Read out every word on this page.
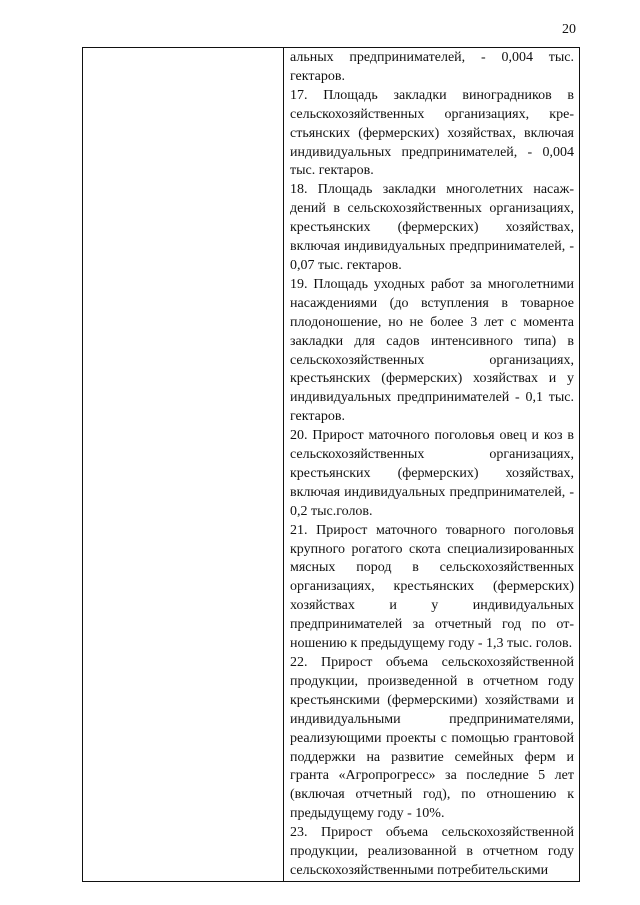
20

альных предпринимателей, - 0,004 тыс. гектаров.

17. Площадь закладки виноградников в сельскохозяйственных организациях, крестьянских (фермерских) хозяйствах, включая индивидуальных предпринимателей, - 0,004 тыс. гектаров.

18. Площадь закладки многолетних насаждений в сельскохозяйственных организациях, крестьянских (фермерских) хозяйствах, включая индивидуальных предпринимателей, - 0,07 тыс. гектаров.

19. Площадь уходных работ за многолетними насаждениями (до вступления в товарное плодоношение, но не более 3 лет с момента закладки для садов интенсивного типа) в сельскохозяйственных организациях, крестьянских (фермерских) хозяйствах и у индивидуальных предпринимателей - 0,1 тыс. гектаров.

20. Прирост маточного поголовья овец и коз в сельскохозяйственных организациях, крестьянских (фермерских) хозяйствах, включая индивидуальных предпринимателей, - 0,2 тыс.голов.

21. Прирост маточного товарного поголовья крупного рогатого скота специализированных мясных пород в сельскохозяйственных организациях, крестьянских (фермерских) хозяйствах и у индивидуальных предпринимателей за отчетный год по отношению к предыдущему году - 1,3 тыс. голов.

22. Прирост объема сельскохозяйственной продукции, произведенной в отчетном году крестьянскими (фермерскими) хозяйствами и индивидуальными предпринимателями, реализующими проекты с помощью грантовой поддержки на развитие семейных ферм и гранта «Агропрогресс» за последние 5 лет (включая отчетный год), по отношению к предыдущему году - 10%.

23. Прирост объема сельскохозяйственной продукции, реализованной в отчетном году сельскохозяйственными потребительскими
